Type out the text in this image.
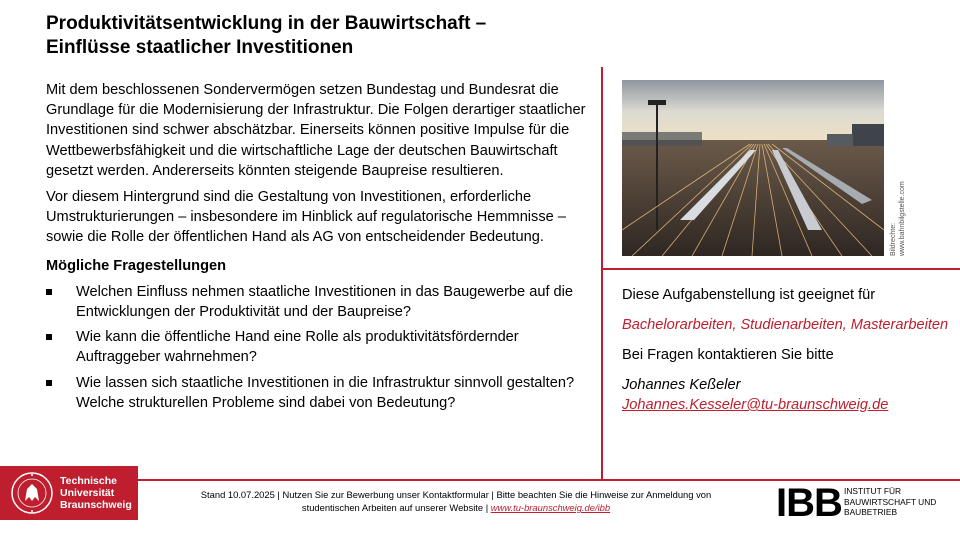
Produktivitätsentwicklung in der Bauwirtschaft –
Einflüsse staatlicher Investitionen

Mit dem beschlossenen Sondervermögen setzen Bundestag und Bundesrat die Grundlage für die Modernisierung der Infrastruktur. Die Folgen derartiger staatlicher Investitionen sind schwer abschätzbar. Einerseits können positive Impulse für die Wettbewerbsfähigkeit und die wirtschaftliche Lage der deutschen Bauwirtschaft gesetzt werden. Andererseits könnten steigende Baupreise resultieren.

Vor diesem Hintergrund sind die Gestaltung von Investitionen, erforderliche Umstrukturierungen – insbesondere im Hinblick auf regulatorische Hemmnisse – sowie die Rolle der öffentlichen Hand als AG von entscheidender Bedeutung.

Mögliche Fragestellungen
Welchen Einfluss nehmen staatliche Investitionen in das Baugewerbe auf die Entwicklungen der Produktivität und der Baupreise?
Wie kann die öffentliche Hand eine Rolle als produktivitätsfördernder Auftraggeber wahrnehmen?
Wie lassen sich staatliche Investitionen in die Infrastruktur sinnvoll gestalten? Welche strukturellen Probleme sind dabei von Bedeutung?
Bildrechte: www.bahnbilgstelle.com

Diese Aufgabenstellung ist geeignet für

Bachelorarbeiten, Studienarbeiten, Masterarbeiten

Bei Fragen kontaktieren Sie bitte

Johannes Keßeler
Johannes.Kesseler@tu-braunschweig.de
Technische
Universität
Braunschweig
Stand 10.07.2025 | Nutzen Sie zur Bewerbung unser Kontaktformular | Bitte beachten Sie die Hinweise zur Anmeldung von
studentischen Arbeiten auf unserer Website | www.tu-braunschweig.de/ibb	IBB INSTITUT FÜR
BAUWIRTSCHAFT UND
BAUBETRIEB
